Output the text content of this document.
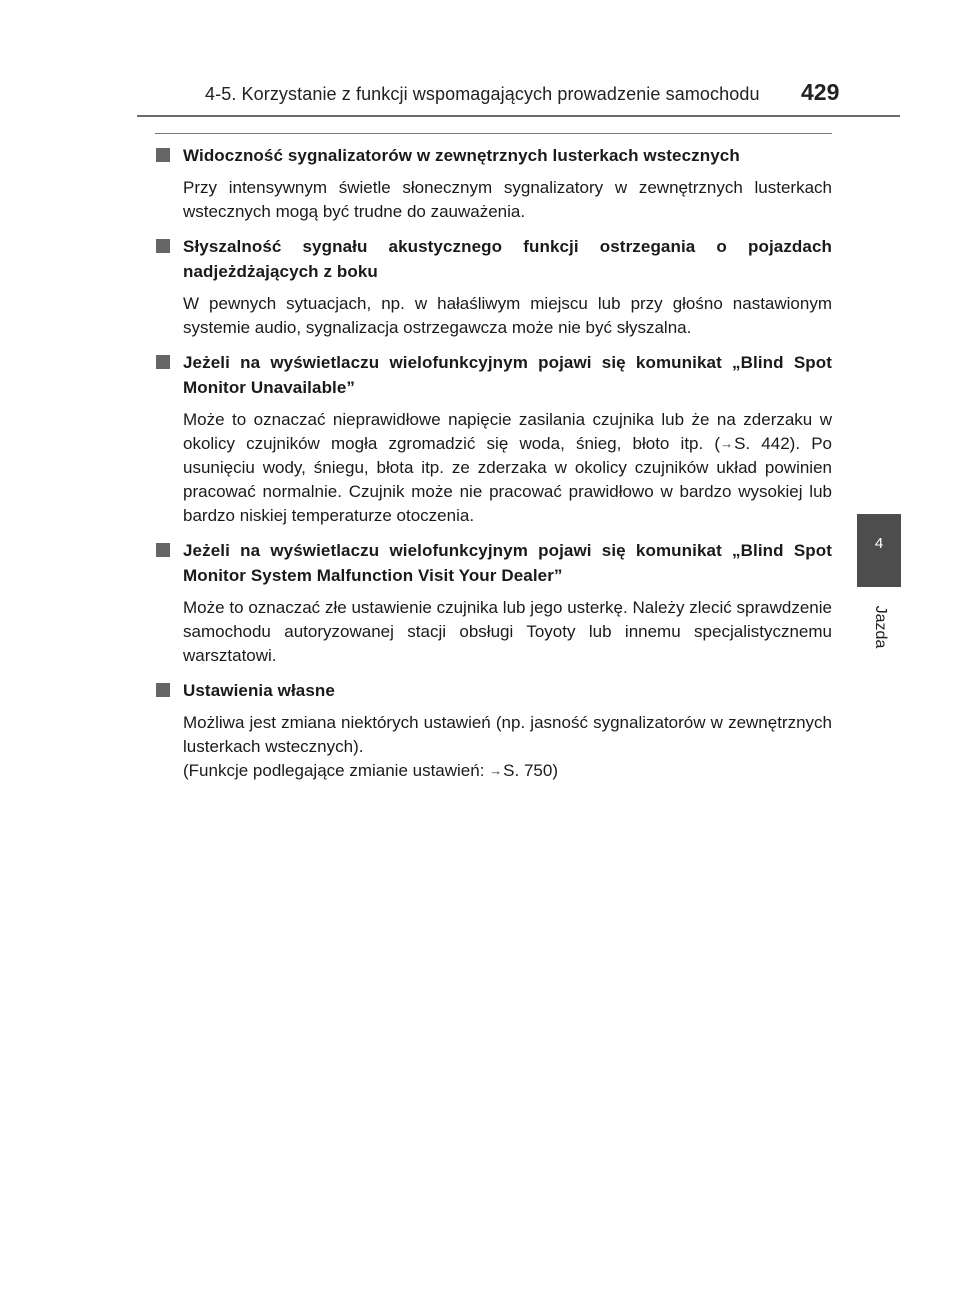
4-5. Korzystanie z funkcji wspomagających prowadzenie samochodu 429
4
Jazda
Widoczność sygnalizatorów w zewnętrznych lusterkach wstecznych

Przy intensywnym świetle słonecznym sygnalizatory w zewnętrznych lusterkach wstecznych mogą być trudne do zauważenia.

Słyszalność sygnału akustycznego funkcji ostrzegania o pojazdach nadjeżdżających z boku

W pewnych sytuacjach, np. w hałaśliwym miejscu lub przy głośno nastawionym systemie audio, sygnalizacja ostrzegawcza może nie być słyszalna.

Jeżeli na wyświetlaczu wielofunkcyjnym pojawi się komunikat „Blind Spot Monitor Unavailable”

Może to oznaczać nieprawidłowe napięcie zasilania czujnika lub że na zderzaku w okolicy czujników mogła zgromadzić się woda, śnieg, błoto itp. (→S. 442). Po usunięciu wody, śniegu, błota itp. ze zderzaka w okolicy czujników układ powinien pracować normalnie. Czujnik może nie pracować prawidłowo w bardzo wysokiej lub bardzo niskiej temperaturze otoczenia.

Jeżeli na wyświetlaczu wielofunkcyjnym pojawi się komunikat „Blind Spot Monitor System Malfunction Visit Your Dealer”

Może to oznaczać złe ustawienie czujnika lub jego usterkę. Należy zlecić sprawdzenie samochodu autoryzowanej stacji obsługi Toyoty lub innemu specjalistycznemu warsztatowi.

Ustawienia własne

Możliwa jest zmiana niektórych ustawień (np. jasność sygnalizatorów w zewnętrznych lusterkach wstecznych).

(Funkcje podlegające zmianie ustawień: →S. 750)
